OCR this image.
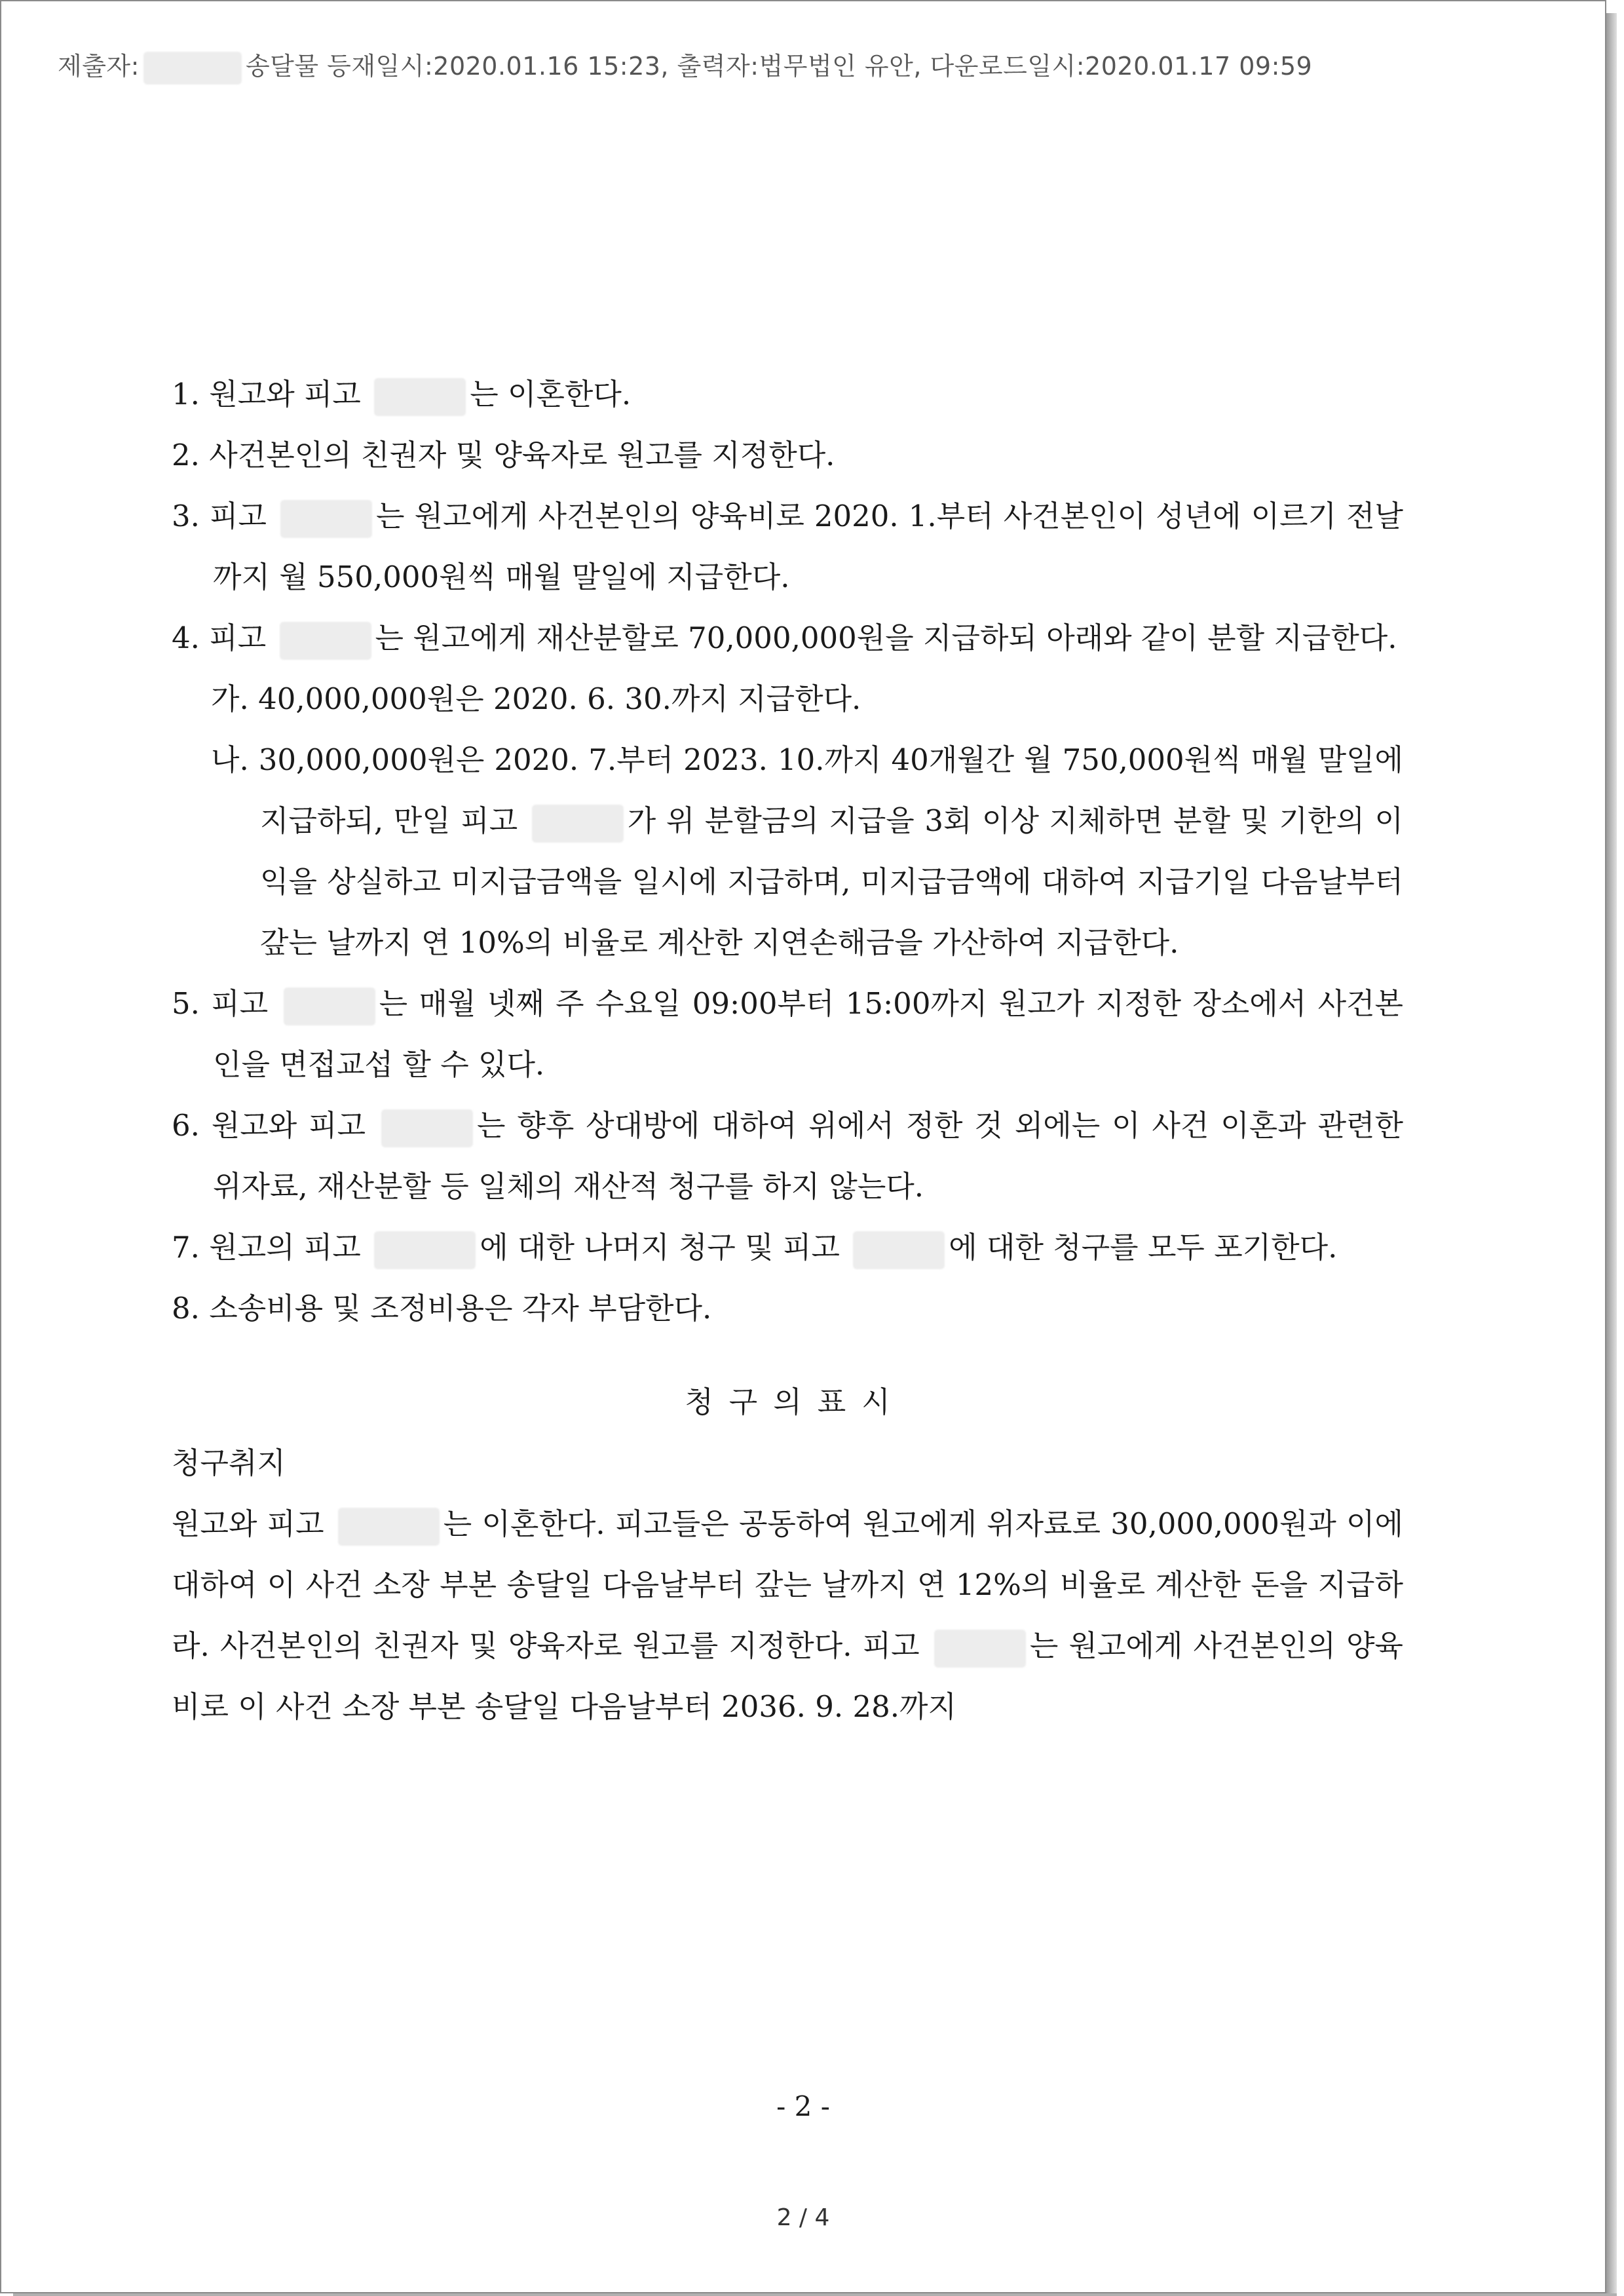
제출자:	송달물 등재일시:2020.01.16 15:23, 출력자:법무법인 유안, 다운로드일시:2020.01.17 09:59
1. 원고와 피고	는 이혼한다.
2. 사건본인의 친권자 및 양육자로 원고를 지정한다.
3. 피고	는 원고에게 사건본인의 양육비로 2020. 1.부터 사건본인이 성년에 이르기 전날까지 월 550,000원씩 매월 말일에 지급한다.
4. 피고	는 원고에게 재산분할로 70,000,000원을 지급하되 아래와 같이 분할 지급한다.
가. 40,000,000원은 2020. 6. 30.까지 지급한다.
나. 30,000,000원은 2020. 7.부터 2023. 10.까지 40개월간 월 750,000원씩 매월 말일에 지급하되, 만일 피고	가 위 분할금의 지급을 3회 이상 지체하면 분할 및 기한의 이익을 상실하고 미지급금액을 일시에 지급하며, 미지급금액에 대하여 지급기일 다음날부터 갚는 날까지 연 10%의 비율로 계산한 지연손해금을 가산하여 지급한다.
5. 피고	는 매월 넷째 주 수요일 09:00부터 15:00까지 원고가 지정한 장소에서 사건본인을 면접교섭 할 수 있다.
6. 원고와 피고	는 향후 상대방에 대하여 위에서 정한 것 외에는 이 사건 이혼과 관련한 위자료, 재산분할 등 일체의 재산적 청구를 하지 않는다.
7. 원고의 피고	에 대한 나머지 청구 및 피고	에 대한 청구를 모두 포기한다.
8. 소송비용 및 조정비용은 각자 부담한다.
청구의표시
청구취지
원고와 피고	는 이혼한다. 피고들은 공동하여 원고에게 위자료로 30,000,000원과 이에 대하여 이 사건 소장 부본 송달일 다음날부터 갚는 날까지 연 12%의 비율로 계산한 돈을 지급하라. 사건본인의 친권자 및 양육자로 원고를 지정한다. 피고	는 원고에게 사건본인의 양육비로 이 사건 소장 부본 송달일 다음날부터 2036. 9. 28.까지
- 2 -
2 / 4
